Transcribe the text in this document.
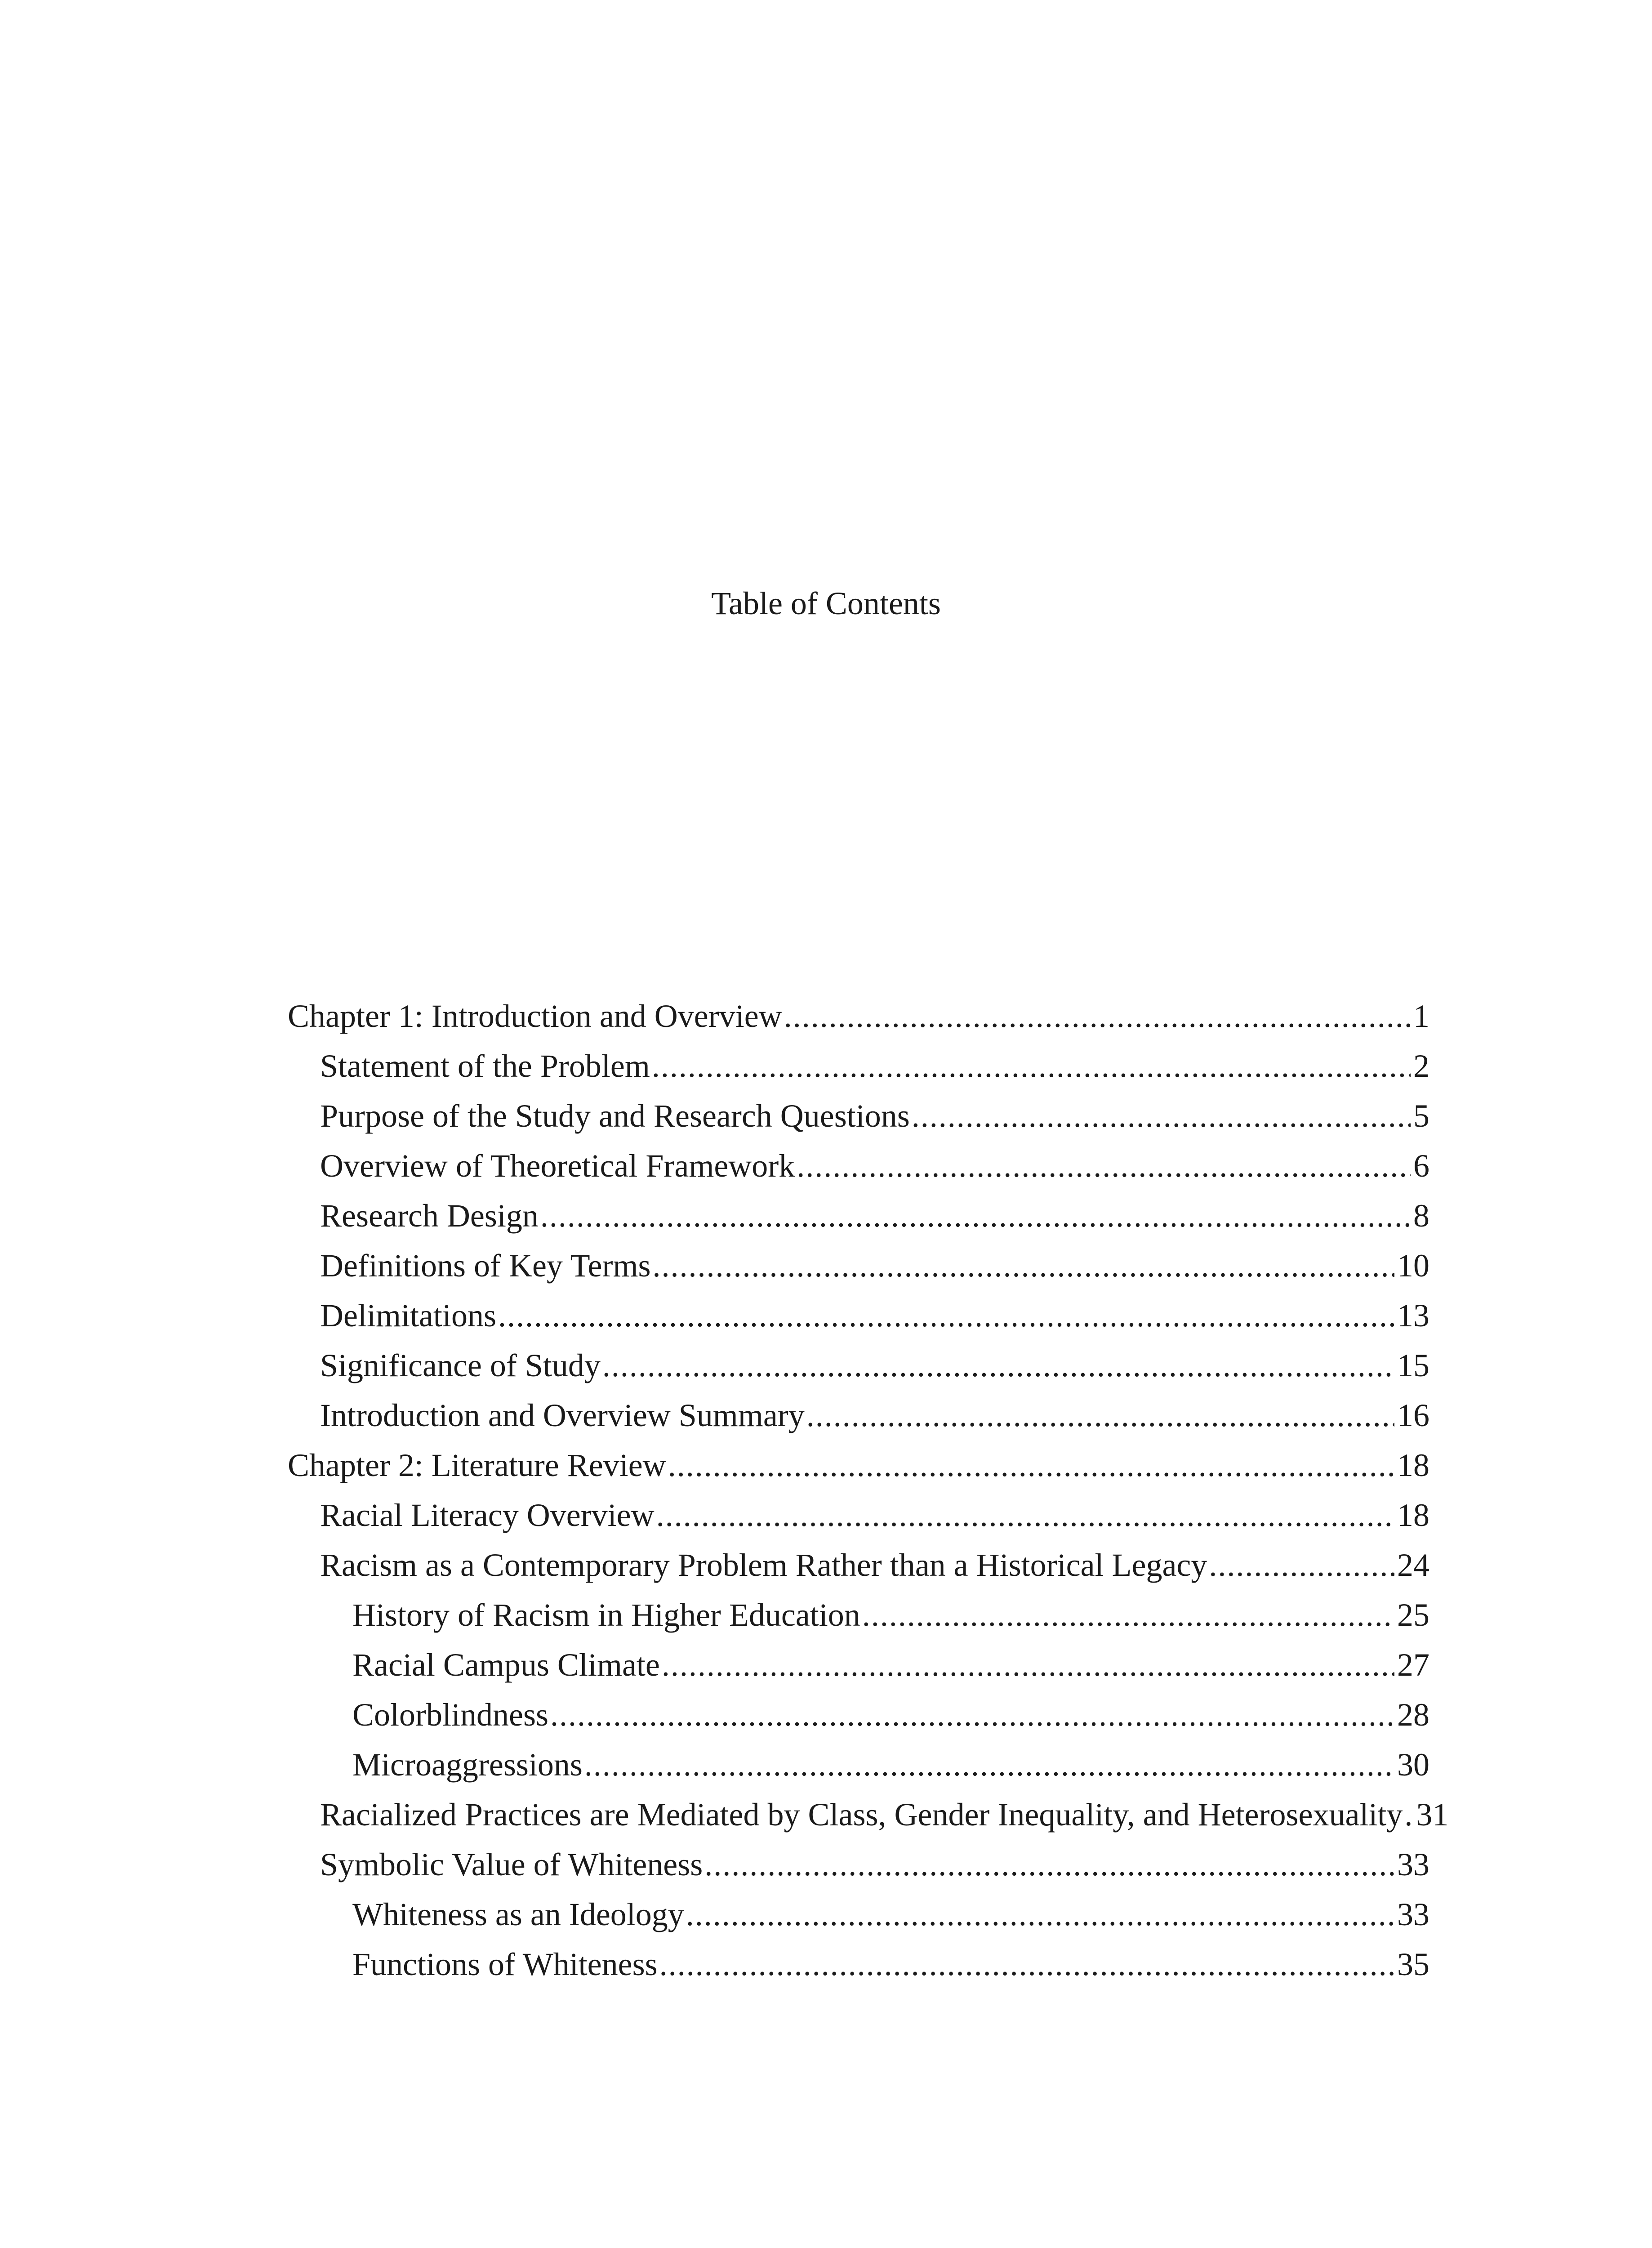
Table of Contents
Chapter 1: Introduction and Overview .....	1
Statement of the Problem .....	2
Purpose of the Study and Research Questions .....	5
Overview of Theoretical Framework .....	6
Research Design .....	8
Definitions of Key Terms .....	10
Delimitations .....	13
Significance of Study .....	15
Introduction and Overview Summary .....	16
Chapter 2: Literature Review .....	18
Racial Literacy Overview .....	18
Racism as a Contemporary Problem Rather than a Historical Legacy .....	24
History of Racism in Higher Education .....	25
Racial Campus Climate .....	27
Colorblindness .....	28
Microaggressions .....	30
Racialized Practices are Mediated by Class, Gender Inequality, and Heterosexuality ..... 31
Symbolic Value of Whiteness .....	33
Whiteness as an Ideology .....	33
Functions of Whiteness .....	35
